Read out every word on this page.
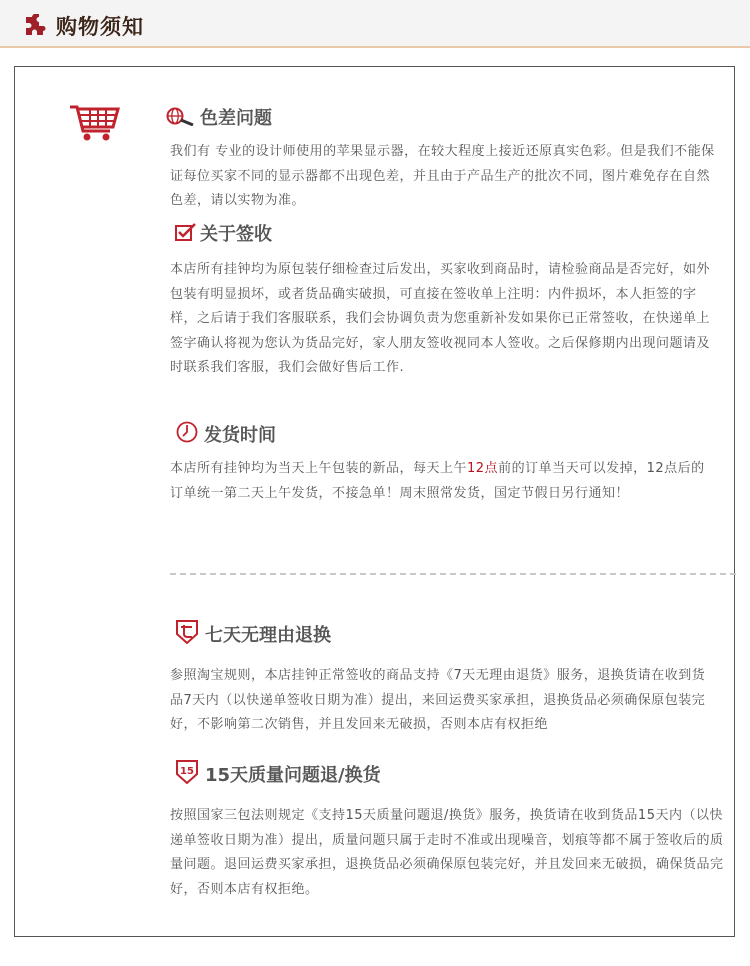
购物须知
色差问题
我们有 专业的设计师使用的苹果显示器，在较大程度上接近还原真实色彩。但是我们不能保证每位买家不同的显示器都不出现色差，并且由于产品生产的批次不同，图片难免存在自然色差，请以实物为准。
关于签收
本店所有挂钟均为原包装仔细检查过后发出，买家收到商品时，请检验商品是否完好，如外包装有明显损坏，或者货品确实破损，可直接在签收单上注明：内件损坏，本人拒签的字样，之后请于我们客服联系，我们会协调负责为您重新补发如果你已正常签收，在快递单上签字确认将视为您认为货品完好，家人朋友签收视同本人签收。之后保修期内出现问题请及时联系我们客服，我们会做好售后工作.
发货时间
本店所有挂钟均为当天上午包装的新品，每天上午12点前的订单当天可以发掉，12点后的订单统一第二天上午发货，不接急单！周末照常发货，国定节假日另行通知！
七天无理由退换
参照淘宝规则，本店挂钟正常签收的商品支持《7天无理由退货》服务，退换货请在收到货品7天内（以快递单签收日期为准）提出，来回运费买家承担，退换货品必须确保原包装完好，不影响第二次销售，并且发回来无破损，否则本店有权拒绝
15 15天质量问题退/换货
按照国家三包法则规定《支持15天质量问题退/换货》服务，换货请在收到货品15天内（以快递单签收日期为准）提出，质量问题只属于走时不准或出现噪音，划痕等都不属于签收后的质量问题。退回运费买家承担，退换货品必须确保原包装完好，并且发回来无破损，确保货品完好，否则本店有权拒绝。
